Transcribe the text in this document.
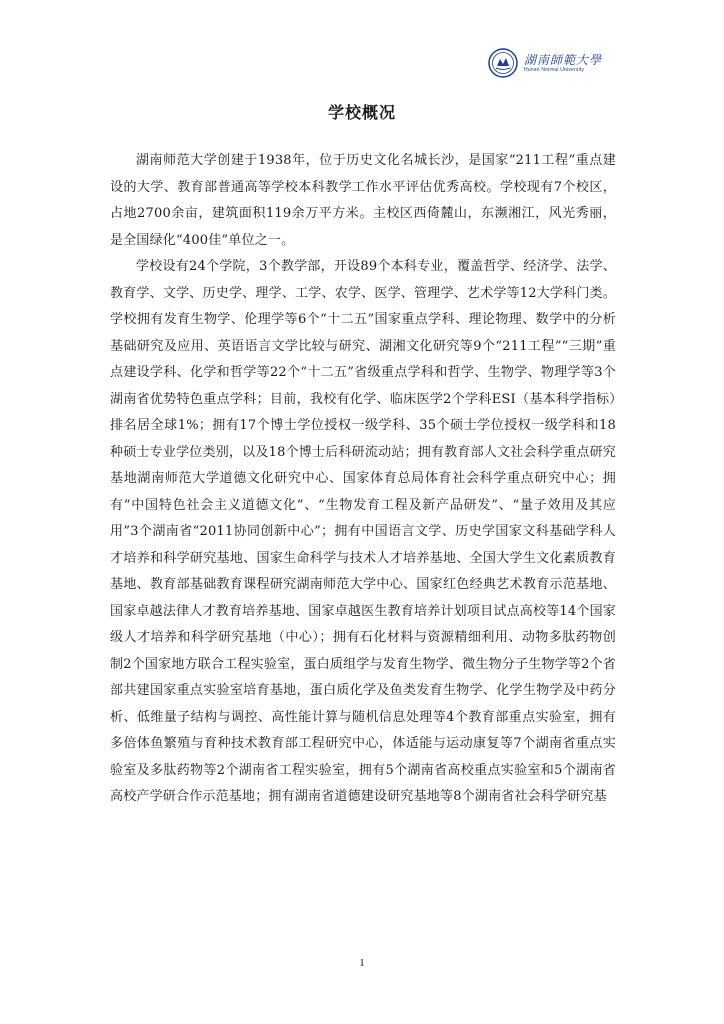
湖南師範大學
Hunan Normal University
学校概况

湖南师范大学创建于1938年，位于历史文化名城长沙，是国家“211工程”重点建设的大学、教育部普通高等学校本科教学工作水平评估优秀高校。学校现有7个校区，占地2700余亩，建筑面积119余万平方米。主校区西倚麓山，东濒湘江，风光秀丽，是全国绿化“400佳”单位之一。

学校设有24个学院，3个教学部，开设89个本科专业，覆盖哲学、经济学、法学、教育学、文学、历史学、理学、工学、农学、医学、管理学、艺术学等12大学科门类。学校拥有发育生物学、伦理学等6个“十二五”国家重点学科、理论物理、数学中的分析基础研究及应用、英语语言文学比较与研究、湖湘文化研究等9个“211工程”“三期”重点建设学科、化学和哲学等22个“十二五”省级重点学科和哲学、生物学、物理学等3个湖南省优势特色重点学科；目前，我校有化学、临床医学2个学科ESI（基本科学指标）排名居全球1%；拥有17个博士学位授权一级学科、35个硕士学位授权一级学科和18种硕士专业学位类别，以及18个博士后科研流动站；拥有教育部人文社会科学重点研究基地湖南师范大学道德文化研究中心、国家体育总局体育社会科学重点研究中心；拥有“中国特色社会主义道德文化”、“生物发育工程及新产品研发”、“量子效用及其应用”3个湖南省“2011协同创新中心”；拥有中国语言文学、历史学国家文科基础学科人才培养和科学研究基地、国家生命科学与技术人才培养基地、全国大学生文化素质教育基地、教育部基础教育课程研究湖南师范大学中心、国家红色经典艺术教育示范基地、国家卓越法律人才教育培养基地、国家卓越医生教育培养计划项目试点高校等14个国家级人才培养和科学研究基地（中心）；拥有石化材料与资源精细利用、动物多肽药物创制2个国家地方联合工程实验室，蛋白质组学与发育生物学、微生物分子生物学等2个省部共建国家重点实验室培育基地，蛋白质化学及鱼类发育生物学、化学生物学及中药分析、低维量子结构与调控、高性能计算与随机信息处理等4个教育部重点实验室，拥有多倍体鱼繁殖与育种技术教育部工程研究中心，体适能与运动康复等7个湖南省重点实验室及多肽药物等2个湖南省工程实验室，拥有5个湖南省高校重点实验室和5个湖南省高校产学研合作示范基地；拥有湖南省道德建设研究基地等8个湖南省社会科学研究基

1
